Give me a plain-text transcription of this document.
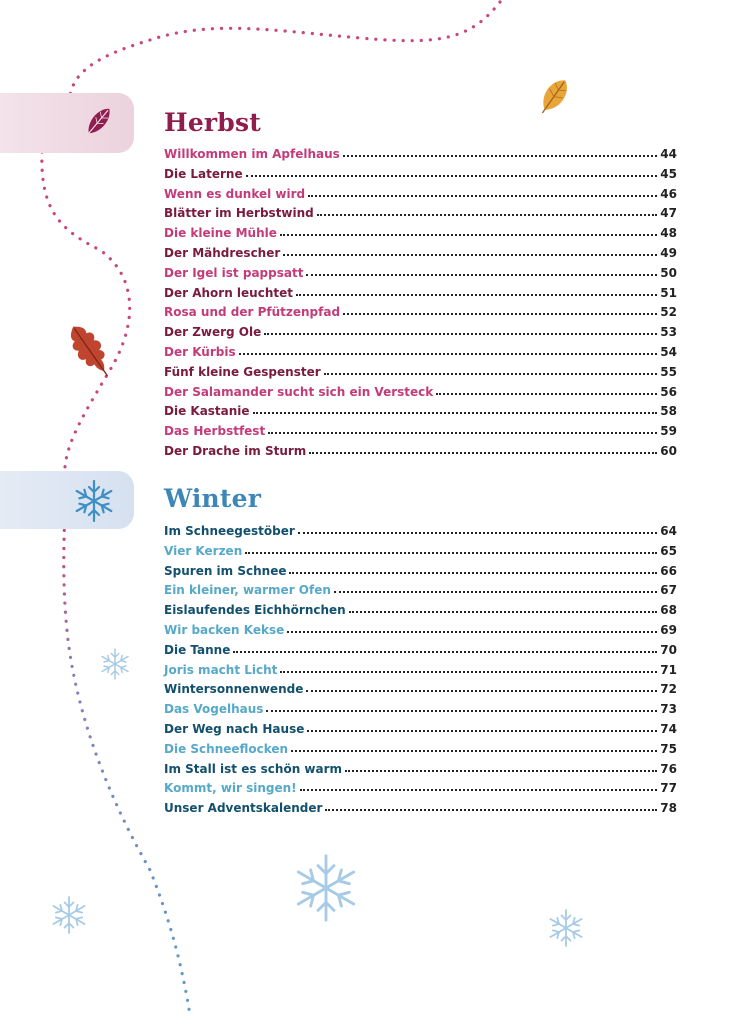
Herbst
Willkommen im Apfelhaus	44
Die Laterne	45
Wenn es dunkel wird	46
Blätter im Herbstwind	47
Die kleine Mühle	48
Der Mähdrescher	49
Der Igel ist pappsatt	50
Der Ahorn leuchtet	51
Rosa und der Pfützenpfad	52
Der Zwerg Ole	53
Der Kürbis	54
Fünf kleine Gespenster	55
Der Salamander sucht sich ein Versteck	56
Die Kastanie	58
Das Herbstfest	59
Der Drache im Sturm	60
Winter
Im Schneegestöber	64
Vier Kerzen	65
Spuren im Schnee	66
Ein kleiner, warmer Ofen	67
Eislaufendes Eichhörnchen	68
Wir backen Kekse	69
Die Tanne	70
Joris macht Licht	71
Wintersonnenwende	72
Das Vogelhaus	73
Der Weg nach Hause	74
Die Schneeflocken	75
Im Stall ist es schön warm	76
Kommt, wir singen!	77
Unser Adventskalender	78
